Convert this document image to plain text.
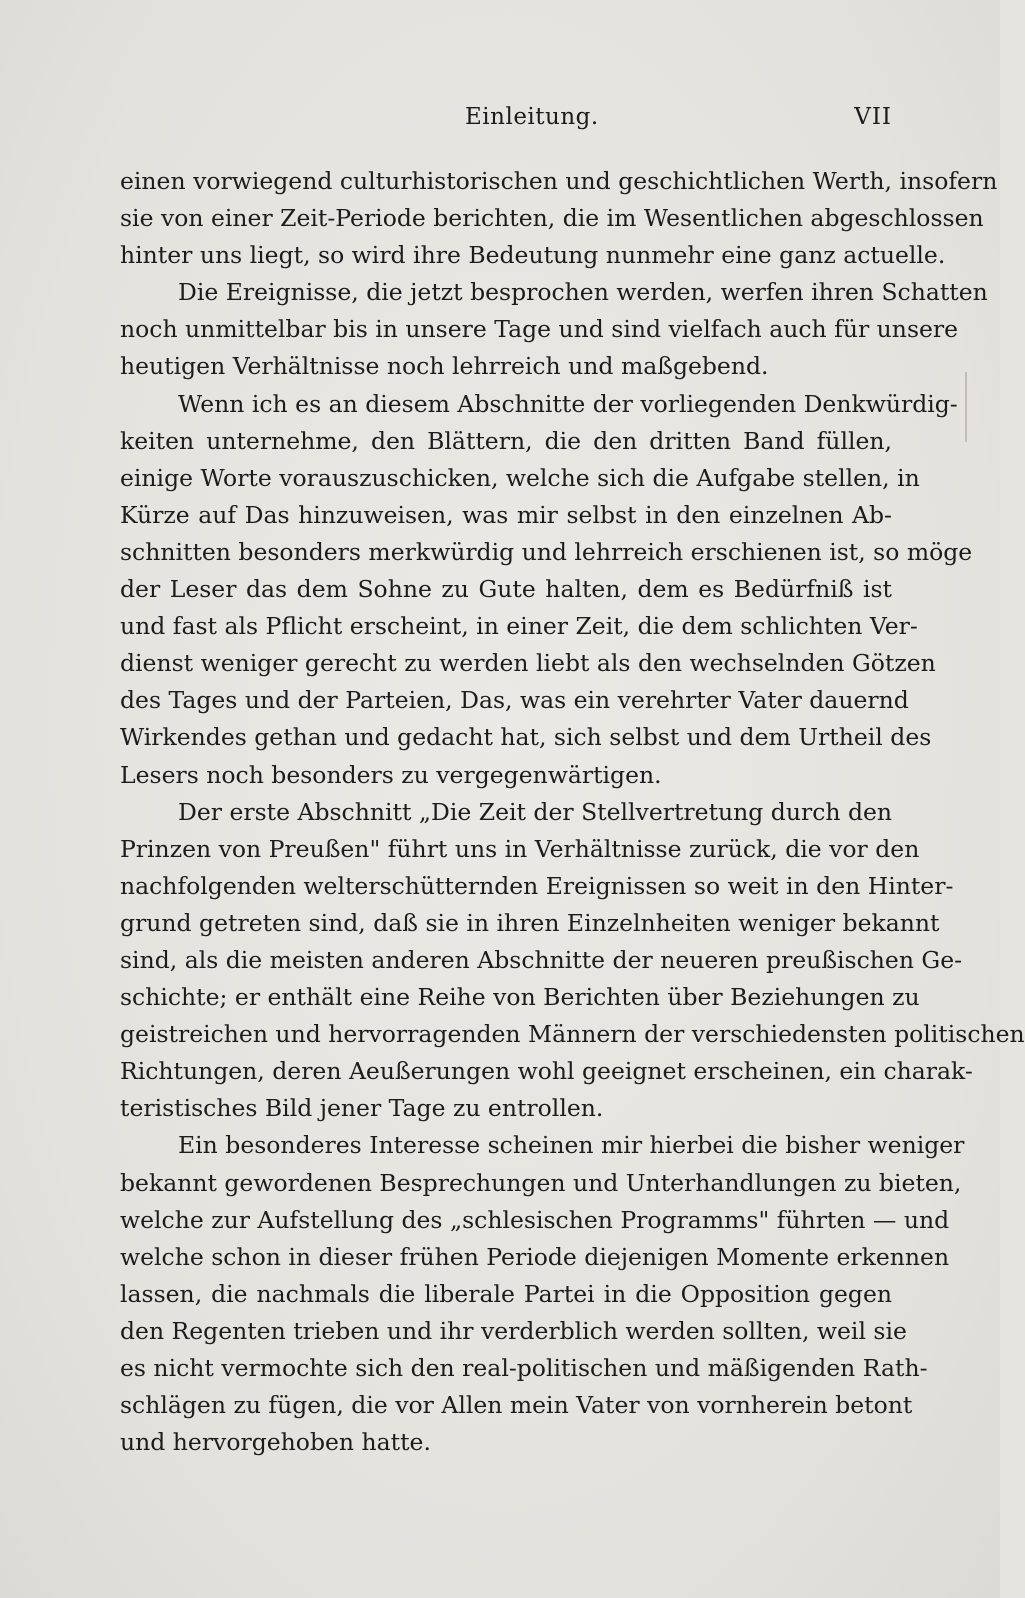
Einleitung.	VII
einen vorwiegend culturhistorischen und geschichtlichen Werth, insofern
sie von einer Zeit-Periode berichten, die im Wesentlichen abgeschlossen
hinter uns liegt, so wird ihre Bedeutung nunmehr eine ganz actuelle.
Die Ereignisse, die jetzt besprochen werden, werfen ihren Schatten
noch unmittelbar bis in unsere Tage und sind vielfach auch für unsere
heutigen Verhältnisse noch lehrreich und maßgebend.
Wenn ich es an diesem Abschnitte der vorliegenden Denkwürdig-
keiten unternehme, den Blättern, die den dritten Band füllen,
einige Worte vorauszuschicken, welche sich die Aufgabe stellen, in
Kürze auf Das hinzuweisen, was mir selbst in den einzelnen Ab-
schnitten besonders merkwürdig und lehrreich erschienen ist, so möge
der Leser das dem Sohne zu Gute halten, dem es Bedürfniß ist
und fast als Pflicht erscheint, in einer Zeit, die dem schlichten Ver-
dienst weniger gerecht zu werden liebt als den wechselnden Götzen
des Tages und der Parteien, Das, was ein verehrter Vater dauernd
Wirkendes gethan und gedacht hat, sich selbst und dem Urtheil des
Lesers noch besonders zu vergegenwärtigen.
Der erste Abschnitt „Die Zeit der Stellvertretung durch den
Prinzen von Preußen" führt uns in Verhältnisse zurück, die vor den
nachfolgenden welterschütternden Ereignissen so weit in den Hinter-
grund getreten sind, daß sie in ihren Einzelnheiten weniger bekannt
sind, als die meisten anderen Abschnitte der neueren preußischen Ge-
schichte; er enthält eine Reihe von Berichten über Beziehungen zu
geistreichen und hervorragenden Männern der verschiedensten politischen
Richtungen, deren Aeußerungen wohl geeignet erscheinen, ein charak-
teristisches Bild jener Tage zu entrollen.
Ein besonderes Interesse scheinen mir hierbei die bisher weniger
bekannt gewordenen Besprechungen und Unterhandlungen zu bieten,
welche zur Aufstellung des „schlesischen Programms" führten — und
welche schon in dieser frühen Periode diejenigen Momente erkennen
lassen, die nachmals die liberale Partei in die Opposition gegen
den Regenten trieben und ihr verderblich werden sollten, weil sie
es nicht vermochte sich den real-politischen und mäßigenden Rath-
schlägen zu fügen, die vor Allen mein Vater von vornherein betont
und hervorgehoben hatte.
